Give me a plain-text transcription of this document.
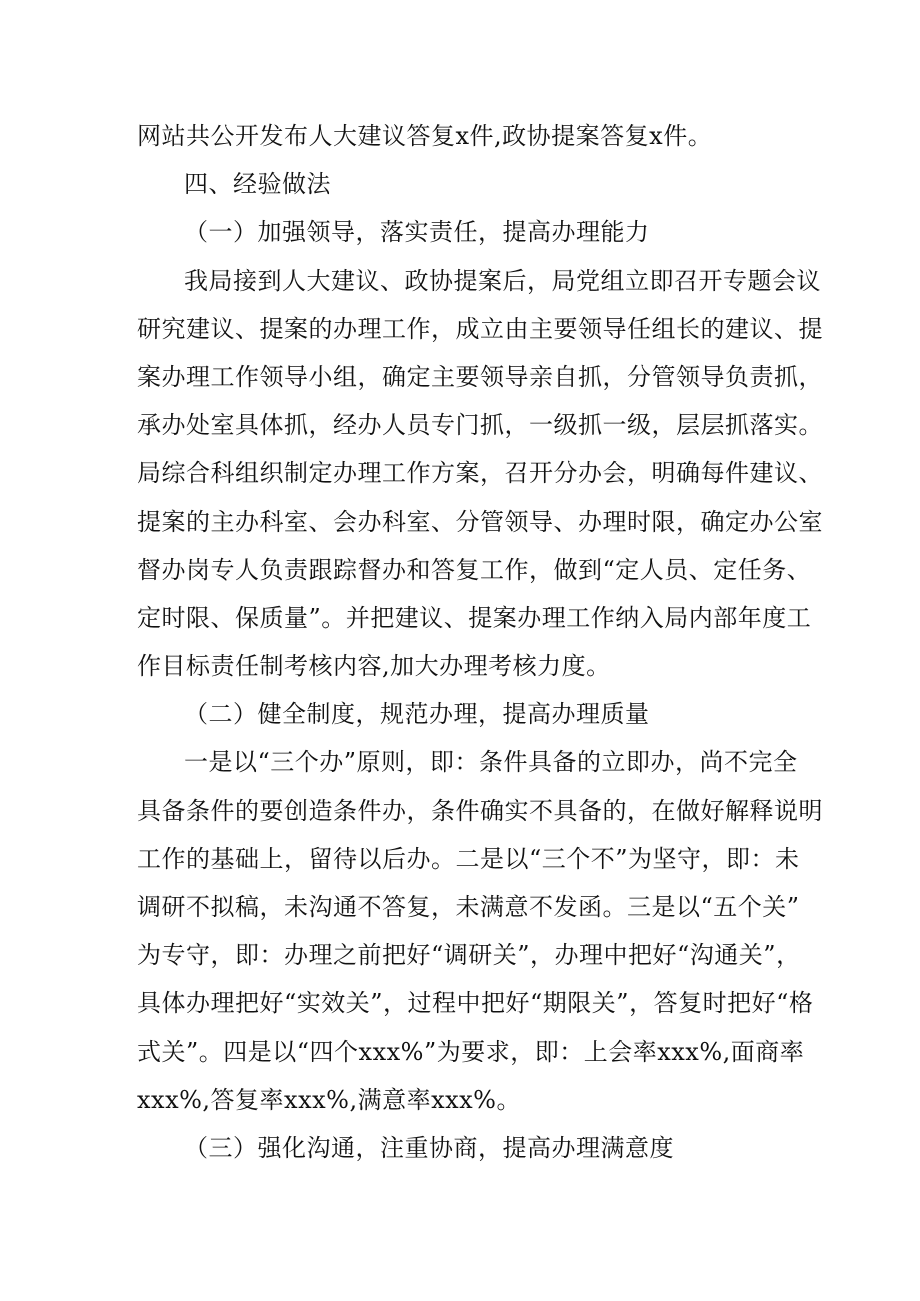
网站共公开发布人大建议答复x件,政协提案答复x件。
四、经验做法
（一）加强领导，落实责任，提高办理能力
我局接到人大建议、政协提案后，局党组立即召开专题会议
研究建议、提案的办理工作，成立由主要领导任组长的建议、提
案办理工作领导小组，确定主要领导亲自抓，分管领导负责抓，
承办处室具体抓，经办人员专门抓，一级抓一级，层层抓落实。
局综合科组织制定办理工作方案，召开分办会，明确每件建议、
提案的主办科室、会办科室、分管领导、办理时限，确定办公室
督办岗专人负责跟踪督办和答复工作，做到“定人员、定任务、
定时限、保质量”。并把建议、提案办理工作纳入局内部年度工
作目标责任制考核内容,加大办理考核力度。
（二）健全制度，规范办理，提高办理质量
一是以“三个办”原则，即：条件具备的立即办，尚不完全
具备条件的要创造条件办，条件确实不具备的，在做好解释说明
工作的基础上，留待以后办。二是以“三个不”为坚守，即：未
调研不拟稿，未沟通不答复，未满意不发函。三是以“五个关”
为专守，即：办理之前把好“调研关”，办理中把好“沟通关”，
具体办理把好“实效关”，过程中把好“期限关”，答复时把好“格
式关”。四是以“四个xxx%”为要求，即：上会率xxx%,面商率
xxx%,答复率xxx%,满意率xxx%。
（三）强化沟通，注重协商，提高办理满意度
